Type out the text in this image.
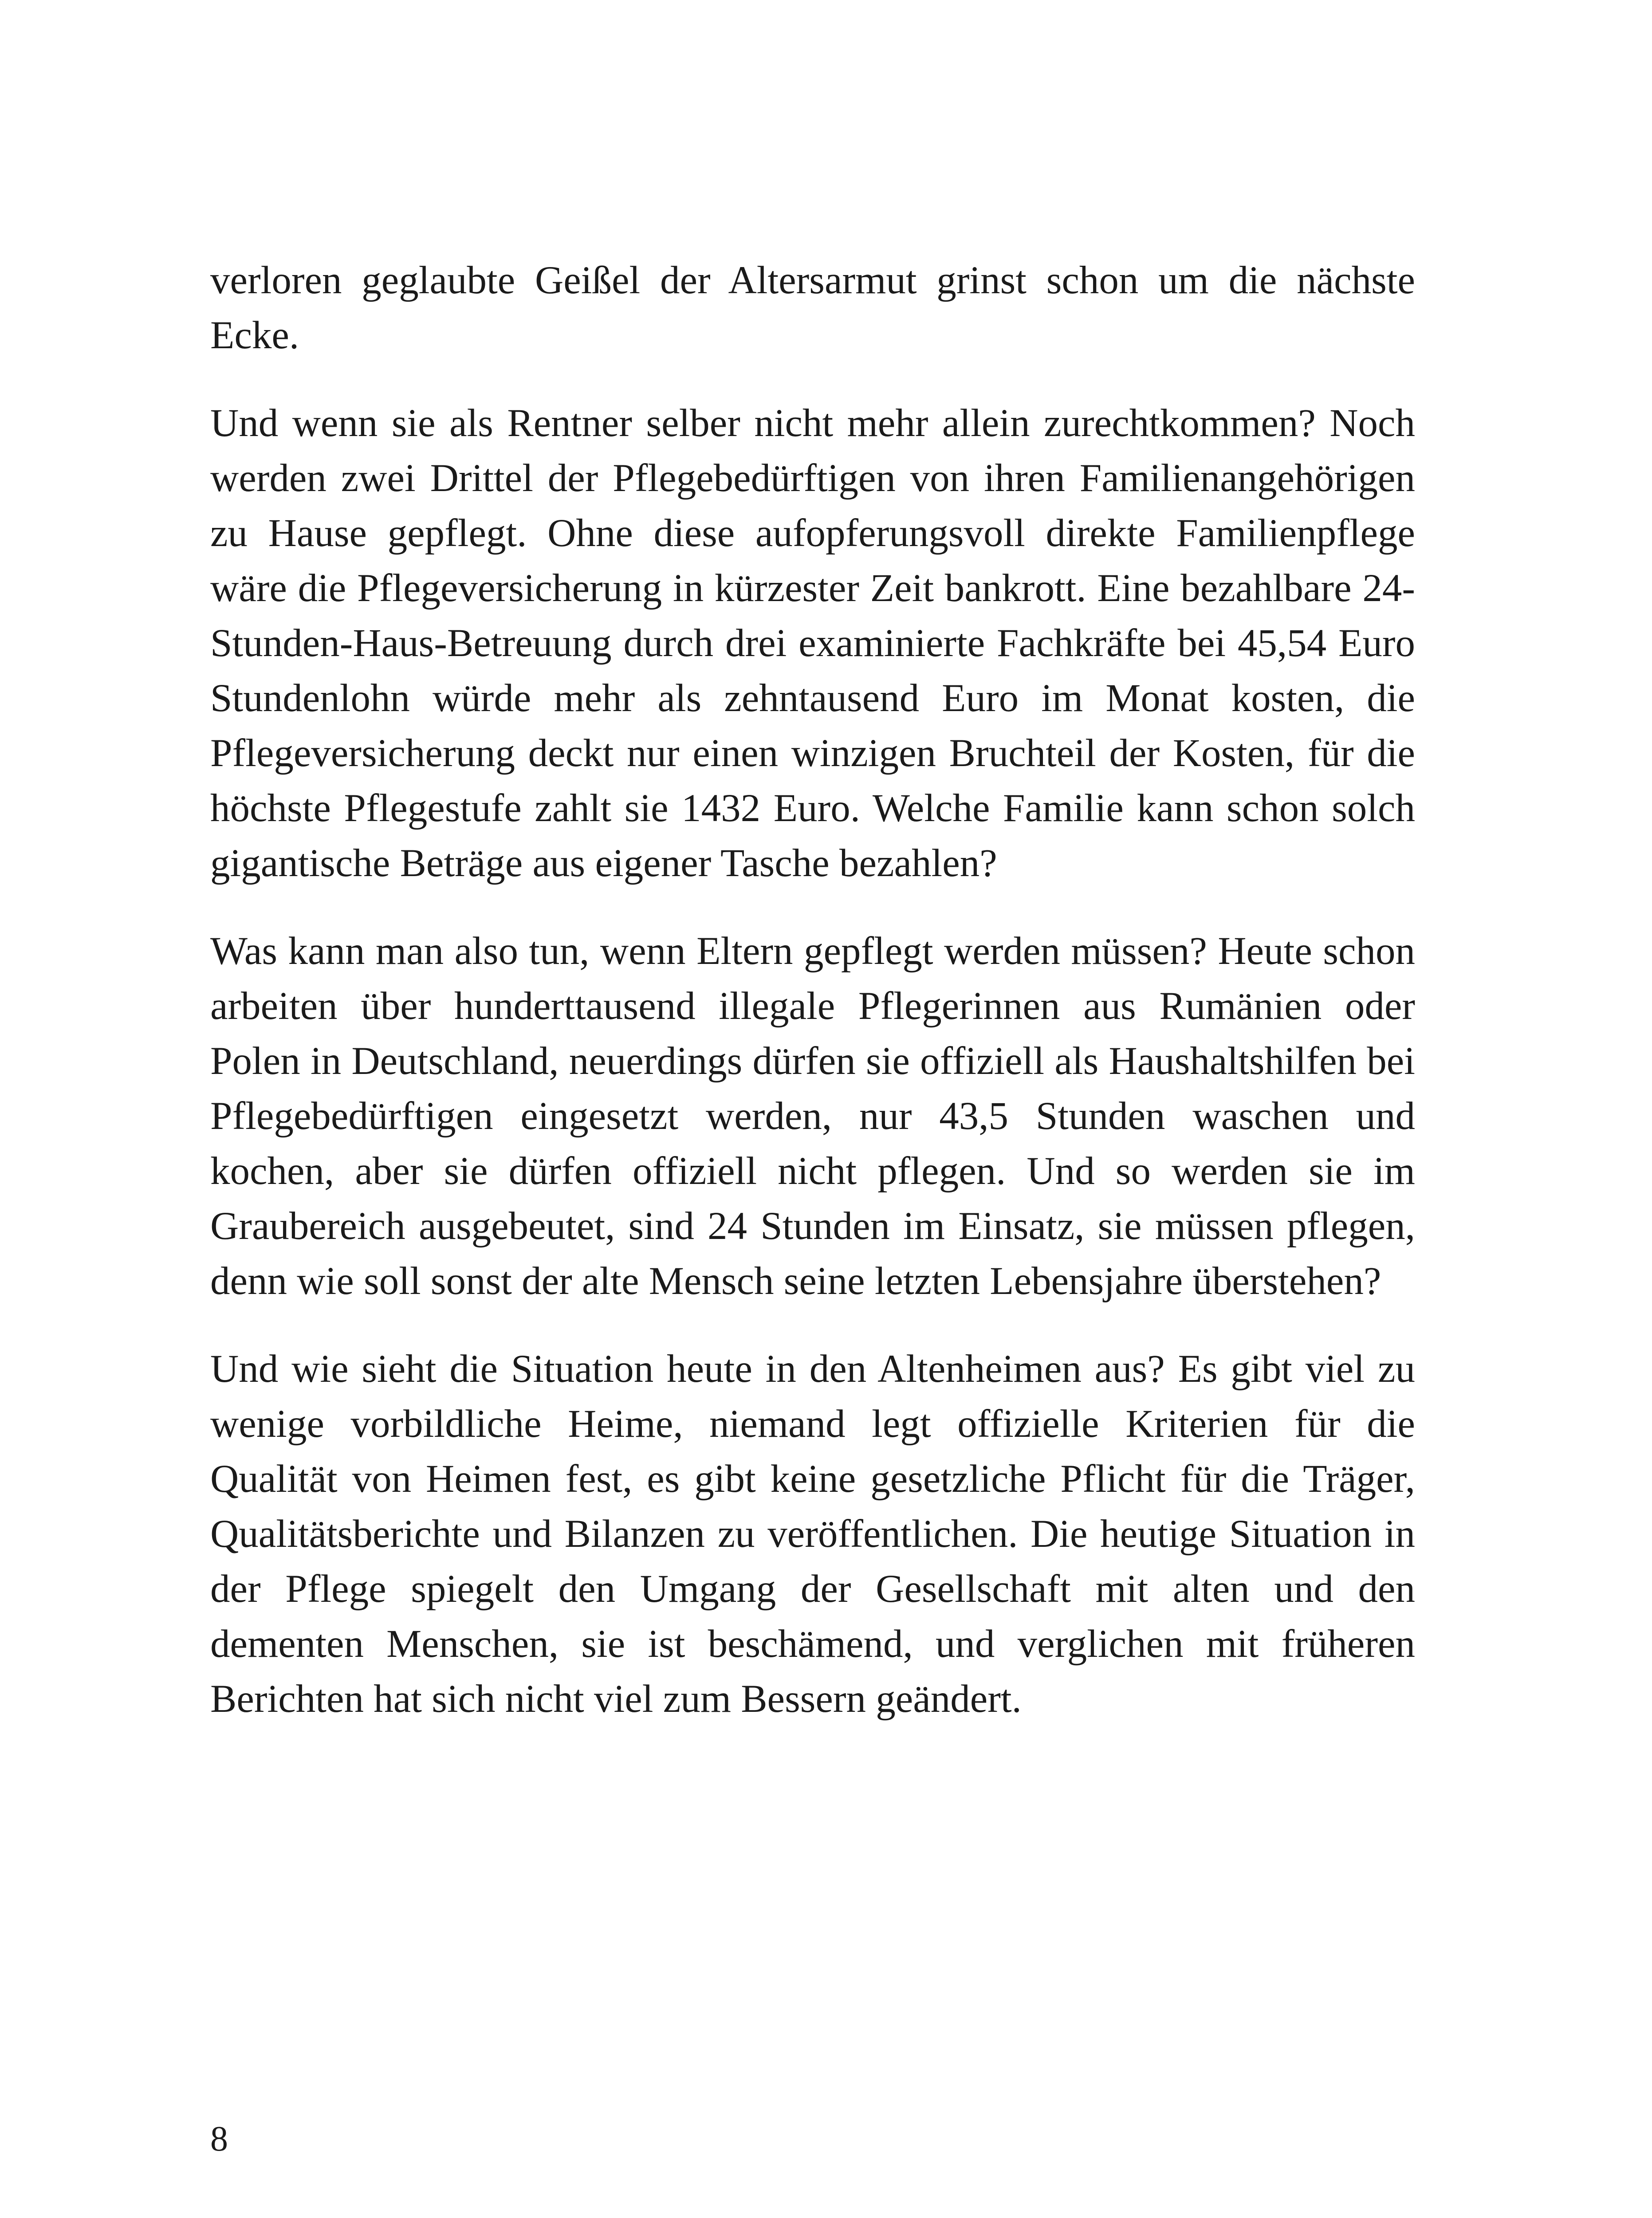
verloren geglaubte Geißel der Altersarmut grinst schon um die nächste Ecke.

Und wenn sie als Rentner selber nicht mehr allein zurechtkommen? Noch werden zwei Drittel der Pflegebedürftigen von ihren Familienangehörigen zu Hause gepflegt. Ohne diese aufopferungsvoll direkte Familienpflege wäre die Pflegeversicherung in kürzester Zeit bankrott. Eine bezahlbare 24-Stunden-Haus-Betreuung durch drei examinierte Fachkräfte bei 45,54 Euro Stundenlohn würde mehr als zehntausend Euro im Monat kosten, die Pflegeversicherung deckt nur einen winzigen Bruchteil der Kosten, für die höchste Pflegestufe zahlt sie 1432 Euro. Welche Familie kann schon solch gigantische Beträge aus eigener Tasche bezahlen?

Was kann man also tun, wenn Eltern gepflegt werden müssen? Heute schon arbeiten über hunderttausend illegale Pflegerinnen aus Rumänien oder Polen in Deutschland, neuerdings dürfen sie offiziell als Haushaltshilfen bei Pflegebedürftigen eingesetzt werden, nur 43,5 Stunden waschen und kochen, aber sie dürfen offiziell nicht pflegen. Und so werden sie im Graubereich ausgebeutet, sind 24 Stunden im Einsatz, sie müssen pflegen, denn wie soll sonst der alte Mensch seine letzten Lebensjahre überstehen?

Und wie sieht die Situation heute in den Altenheimen aus? Es gibt viel zu wenige vorbildliche Heime, niemand legt offizielle Kriterien für die Qualität von Heimen fest, es gibt keine gesetzliche Pflicht für die Träger, Qualitätsberichte und Bilanzen zu veröffentlichen. Die heutige Situation in der Pflege spiegelt den Umgang der Gesellschaft mit alten und den dementen Menschen, sie ist beschämend, und verglichen mit früheren Berichten hat sich nicht viel zum Bessern geändert.

8
